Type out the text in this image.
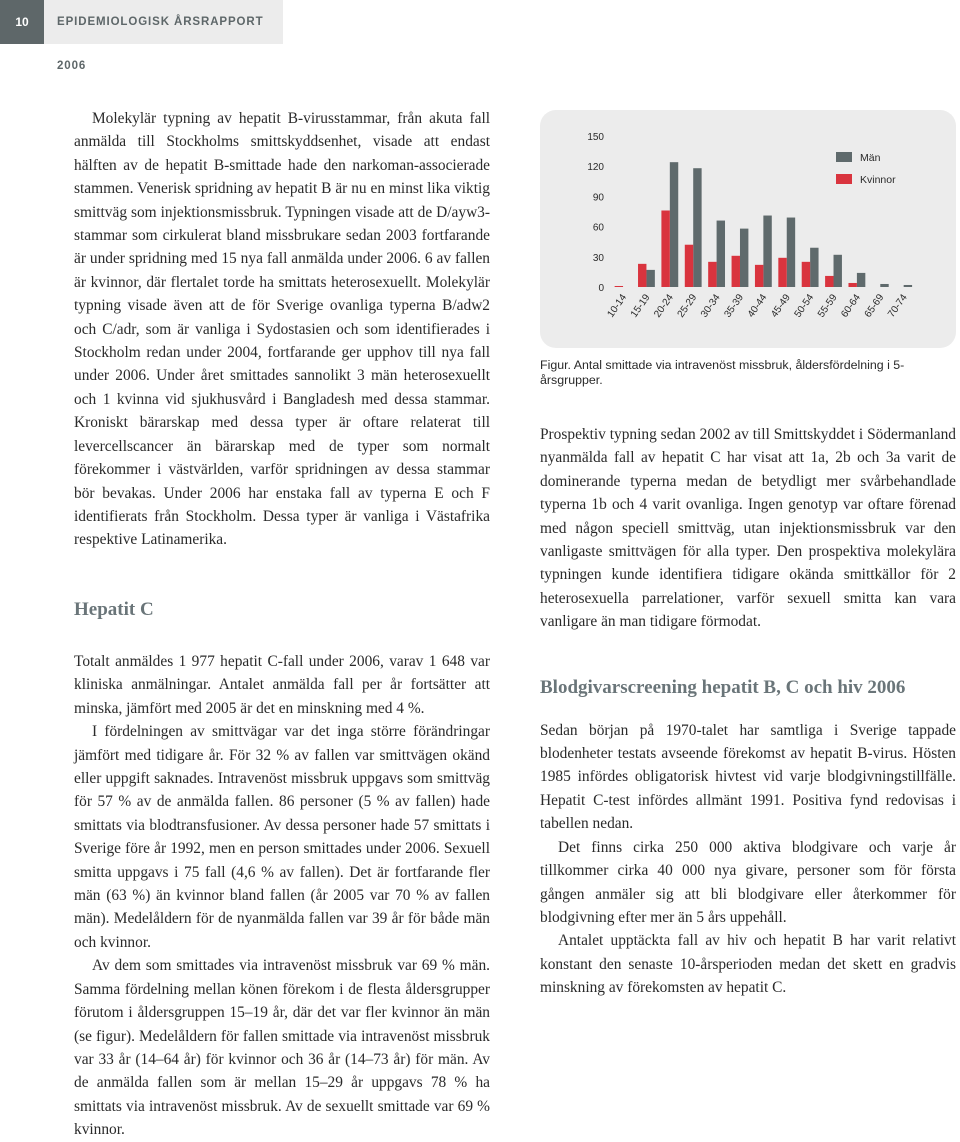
10	EPIDEMIOLOGISK ÅRSRAPPORT 2006

Molekylär typning av hepatit B-virusstammar, från akuta fall anmälda till Stockholms smittskyddsenhet, visade att endast hälften av de hepatit B-smittade hade den narkoman-associerade stammen. Venerisk spridning av hepatit B är nu en minst lika viktig smittväg som injektionsmissbruk. Typningen visade att de D/ayw3-stammar som cirkulerat bland missbrukare sedan 2003 fortfarande är under spridning med 15 nya fall anmälda under 2006. 6 av fallen är kvinnor, där flertalet torde ha smittats heterosexuellt. Molekylär typning visade även att de för Sverige ovanliga typerna B/adw2 och C/adr, som är vanliga i Sydostasien och som identifierades i Stockholm redan under 2004, fortfarande ger upphov till nya fall under 2006. Under året smittades sannolikt 3 män heterosexuellt och 1 kvinna vid sjukhusvård i Bangladesh med dessa stammar. Kroniskt bärarskap med dessa typer är oftare relaterat till levercellscancer än bärarskap med de typer som normalt förekommer i västvärlden, varför spridningen av dessa stammar bör bevakas. Under 2006 har enstaka fall av typerna E och F identifierats från Stockholm. Dessa typer är vanliga i Västafrika respektive Latinamerika.

Hepatit C

Totalt anmäldes 1 977 hepatit C-fall under 2006, varav 1 648 var kliniska anmälningar. Antalet anmälda fall per år fortsätter att minska, jämfört med 2005 är det en minskning med 4 %.

I fördelningen av smittvägar var det inga större förändringar jämfört med tidigare år. För 32 % av fallen var smittvägen okänd eller uppgift saknades. Intravenöst missbruk uppgavs som smittväg för 57 % av de anmälda fallen. 86 personer (5 % av fallen) hade smittats via blodtransfusioner. Av dessa personer hade 57 smittats i Sverige före år 1992, men en person smittades under 2006. Sexuell smitta uppgavs i 75 fall (4,6 % av fallen). Det är fortfarande fler män (63 %) än kvinnor bland fallen (år 2005 var 70 % av fallen män). Medelåldern för de nyanmälda fallen var 39 år för både män och kvinnor.

Av dem som smittades via intravenöst missbruk var 69 % män. Samma fördelning mellan könen förekom i de flesta åldersgrupper förutom i åldersgruppen 15–19 år, där det var fler kvinnor än män (se figur). Medelåldern för fallen smittade via intravenöst missbruk var 33 år (14–64 år) för kvinnor och 36 år (14–73 år) för män. Av de anmälda fallen som är mellan 15–29 år uppgavs 78 % ha smittats via intravenöst missbruk. Av de sexuellt smittade var 69 % kvinnor.

0
30
60
90
120
150
10-14 15-19 20-24 25-29 30-34 35-39 40-44 45-49 50-54 55-59 60-64 65-69 70-74
Män
Kvinnor
Figur. Antal smittade via intravenöst missbruk, åldersfördelning i 5-årsgrupper.

Prospektiv typning sedan 2002 av till Smittskyddet i Södermanland nyanmälda fall av hepatit C har visat att 1a, 2b och 3a varit de dominerande typerna medan de betydligt mer svårbehandlade typerna 1b och 4 varit ovanliga. Ingen genotyp var oftare förenad med någon speciell smittväg, utan injektionsmissbruk var den vanligaste smittvägen för alla typer. Den prospektiva molekylära typningen kunde identifiera tidigare okända smittkällor för 2 heterosexuella parrelationer, varför sexuell smitta kan vara vanligare än man tidigare förmodat.

Blodgivarscreening hepatit B, C och hiv 2006

Sedan början på 1970-talet har samtliga i Sverige tappade blodenheter testats avseende förekomst av hepatit B-virus. Hösten 1985 infördes obligatorisk hivtest vid varje blodgivningstillfälle. Hepatit C-test infördes allmänt 1991. Positiva fynd redovisas i tabellen nedan.

Det finns cirka 250 000 aktiva blodgivare och varje år tillkommer cirka 40 000 nya givare, personer som för första gången anmäler sig att bli blodgivare eller återkommer för blodgivning efter mer än 5 års uppehåll.

Antalet upptäckta fall av hiv och hepatit B har varit relativt konstant den senaste 10-årsperioden medan det skett en gradvis minskning av förekomsten av hepatit C.
